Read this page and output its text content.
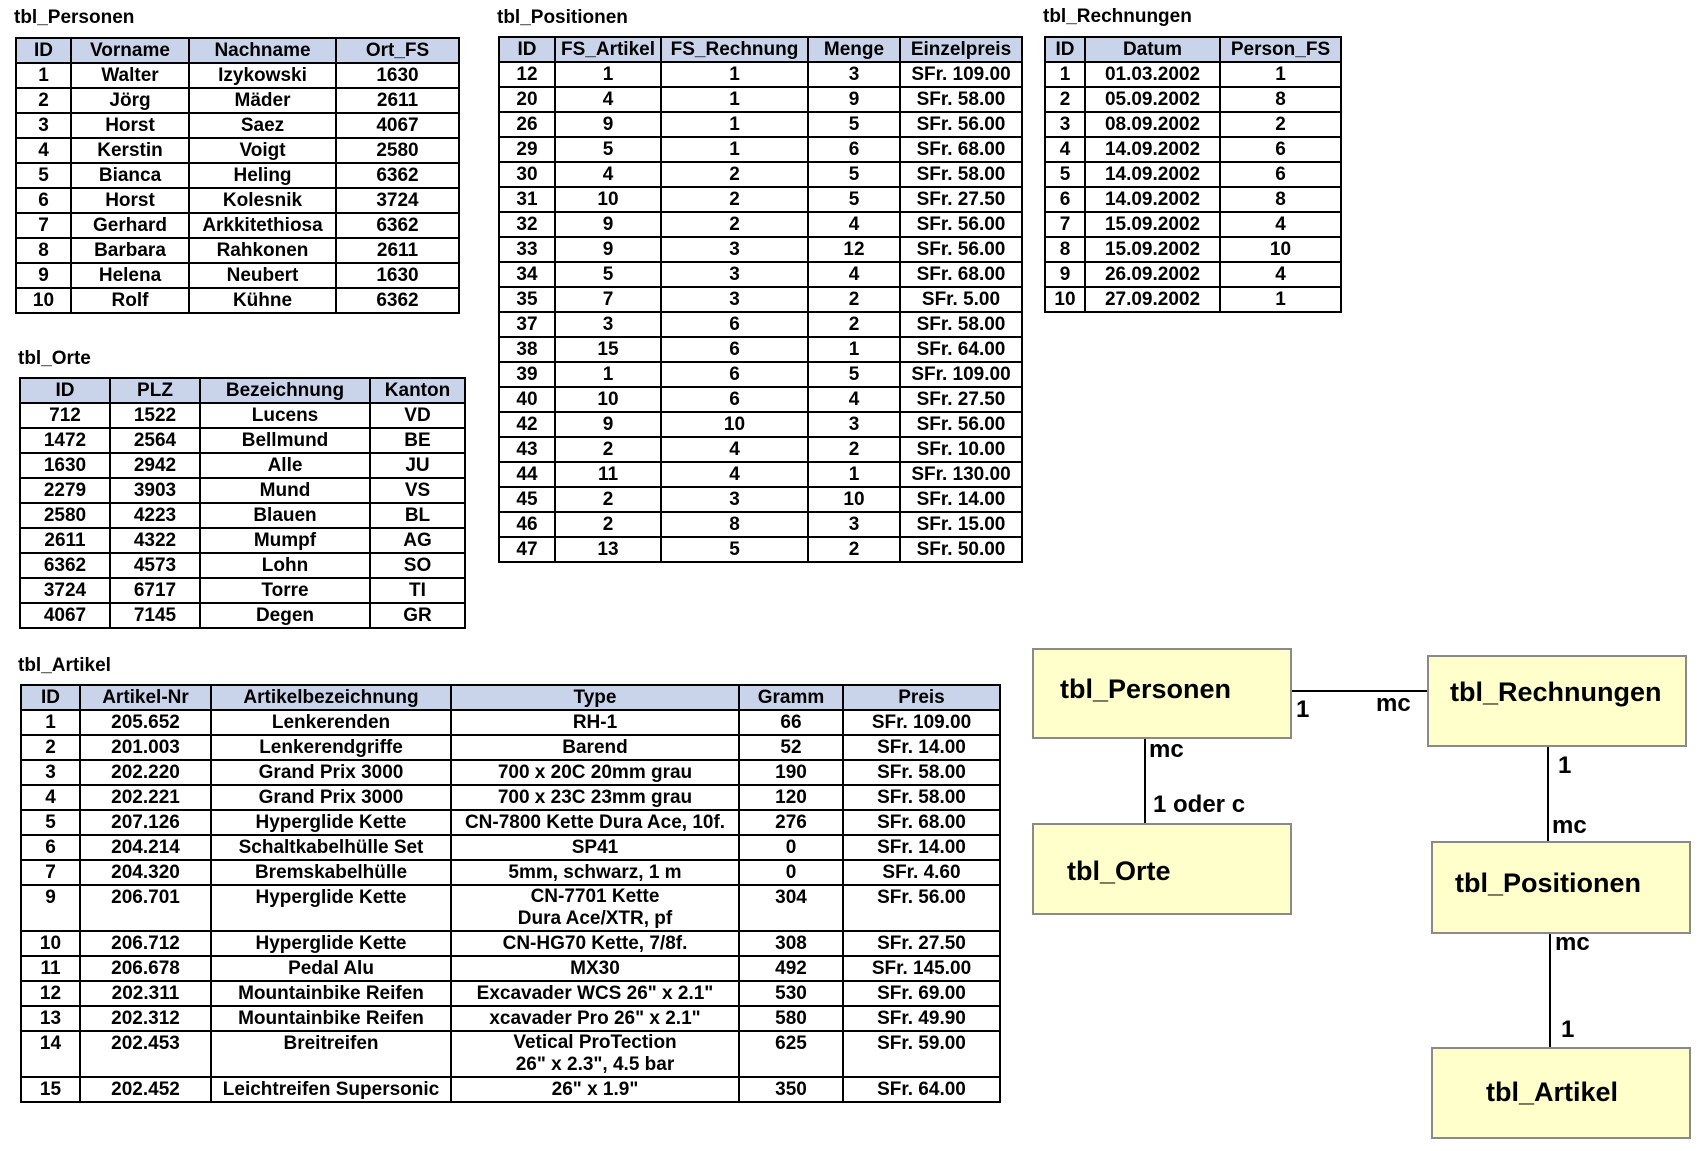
tbl_Personen	tbl_Positionen	tbl_Rechnungen
tbl_Orte
tbl_Artikel
ID	Vorname	Nachname	Ort_FS
1	Walter	Izykowski	1630
2	Jörg	Mäder	2611
3	Horst	Saez	4067
4	Kerstin	Voigt	2580
5	Bianca	Heling	6362
6	Horst	Kolesnik	3724
7	Gerhard	Arkkitethiosa	6362
8	Barbara	Rahkonen	2611
9	Helena	Neubert	1630
10	Rolf	Kühne	6362
ID	FS_Artikel	FS_Rechnung	Menge	Einzelpreis
12	1	1	3	SFr. 109.00
20	4	1	9	SFr. 58.00
26	9	1	5	SFr. 56.00
29	5	1	6	SFr. 68.00
30	4	2	5	SFr. 58.00
31	10	2	5	SFr. 27.50
32	9	2	4	SFr. 56.00
33	9	3	12	SFr. 56.00
34	5	3	4	SFr. 68.00
35	7	3	2	SFr. 5.00
37	3	6	2	SFr. 58.00
38	15	6	1	SFr. 64.00
39	1	6	5	SFr. 109.00
40	10	6	4	SFr. 27.50
42	9	10	3	SFr. 56.00
43	2	4	2	SFr. 10.00
44	11	4	1	SFr. 130.00
45	2	3	10	SFr. 14.00
46	2	8	3	SFr. 15.00
47	13	5	2	SFr. 50.00
ID	Datum	Person_FS
1	01.03.2002	1
2	05.09.2002	8
3	08.09.2002	2
4	14.09.2002	6
5	14.09.2002	6
6	14.09.2002	8
7	15.09.2002	4
8	15.09.2002	10
9	26.09.2002	4
10	27.09.2002	1
ID	PLZ	Bezeichnung	Kanton
712	1522	Lucens	VD
1472	2564	Bellmund	BE
1630	2942	Alle	JU
2279	3903	Mund	VS
2580	4223	Blauen	BL
2611	4322	Mumpf	AG
6362	4573	Lohn	SO
3724	6717	Torre	TI
4067	7145	Degen	GR
ID	Artikel-Nr	Artikelbezeichnung	Type	Gramm	Preis
1	205.652	Lenkerenden	RH-1	66	SFr. 109.00
2	201.003	Lenkerendgriffe	Barend	52	SFr. 14.00
3	202.220	Grand Prix 3000	700 x 20C 20mm grau	190	SFr. 58.00
4	202.221	Grand Prix 3000	700 x 23C 23mm grau	120	SFr. 58.00
5	207.126	Hyperglide Kette	CN-7800 Kette Dura Ace, 10f.	276	SFr. 68.00
6	204.214	Schaltkabelhülle Set	SP41	0	SFr. 14.00
7	204.320	Bremskabelhülle	5mm, schwarz, 1 m	0	SFr. 4.60
9	206.701	Hyperglide Kette	CN-7701 Kette
Dura Ace/XTR, pf	304	SFr. 56.00
10	206.712	Hyperglide Kette	CN-HG70 Kette, 7/8f.	308	SFr. 27.50
11	206.678	Pedal Alu	MX30	492	SFr. 145.00
12	202.311	Mountainbike Reifen	Excavader WCS 26" x 2.1"	530	SFr. 69.00
13	202.312	Mountainbike Reifen	xcavader Pro 26" x 2.1"	580	SFr. 49.90
14	202.453	Breitreifen	Vetical ProTection
26" x 2.3", 4.5 bar	625	SFr. 59.00
15	202.452	Leichtreifen Supersonic	26" x 1.9"	350	SFr. 64.00
tbl_Personen	tbl_Rechnungen
tbl_Orte	tbl_Positionen
tbl_Artikel
1	mc
mc
1 oder c
1
mc
mc
1
